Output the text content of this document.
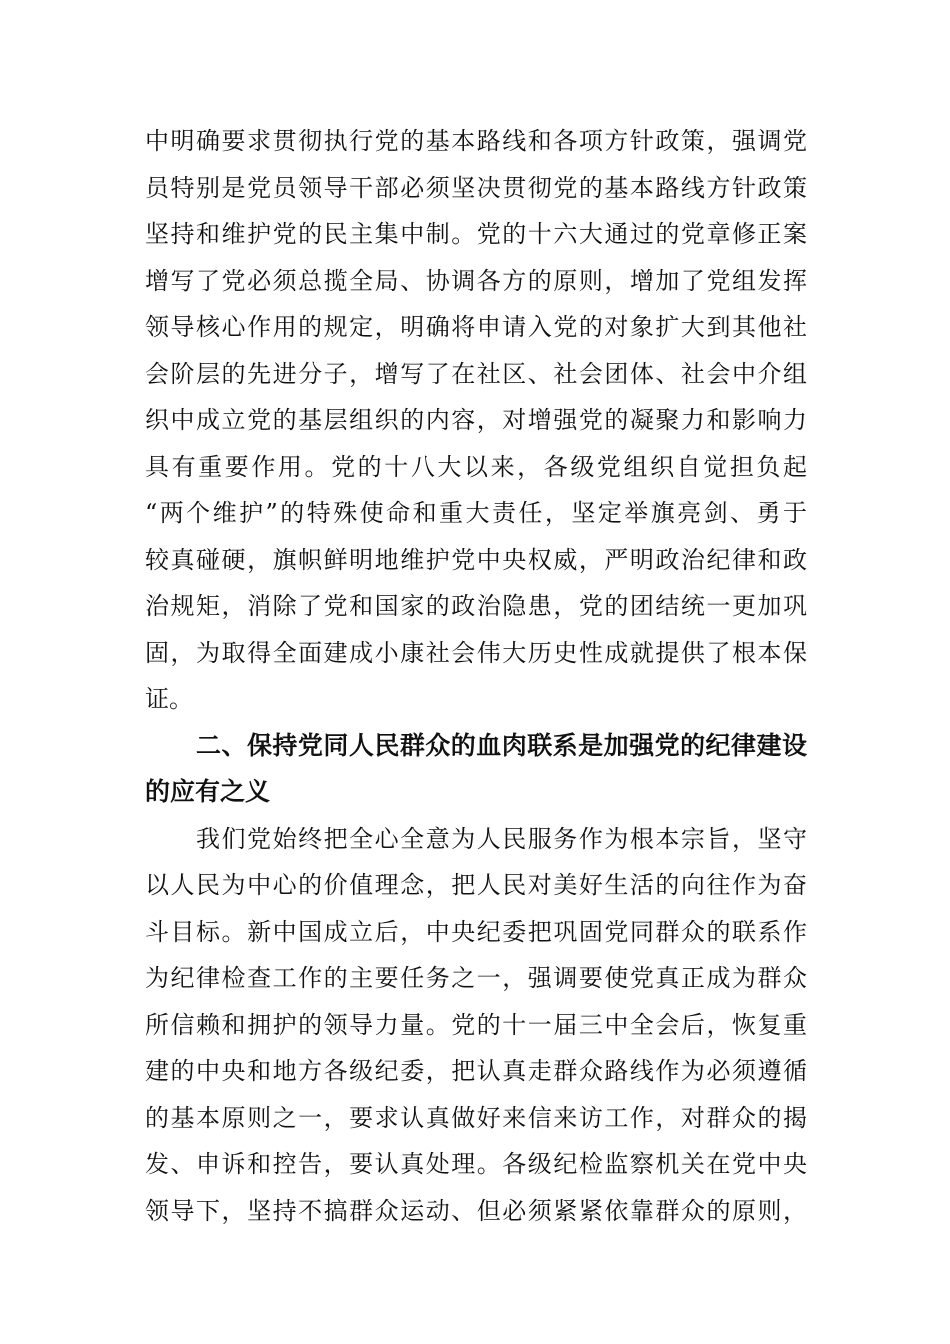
中明确要求贯彻执行党的基本路线和各项方针政策，强调党
员特别是党员领导干部必须坚决贯彻党的基本路线方针政策
坚持和维护党的民主集中制。党的十六大通过的党章修正案
增写了党必须总揽全局、协调各方的原则，增加了党组发挥
领导核心作用的规定，明确将申请入党的对象扩大到其他社
会阶层的先进分子，增写了在社区、社会团体、社会中介组
织中成立党的基层组织的内容，对增强党的凝聚力和影响力
具有重要作用。党的十八大以来，各级党组织自觉担负起
“两个维护”的特殊使命和重大责任，坚定举旗亮剑、勇于
较真碰硬，旗帜鲜明地维护党中央权威，严明政治纪律和政
治规矩，消除了党和国家的政治隐患，党的团结统一更加巩
固，为取得全面建成小康社会伟大历史性成就提供了根本保
证。
二、保持党同人民群众的血肉联系是加强党的纪律建设
的应有之义
我们党始终把全心全意为人民服务作为根本宗旨，坚守
以人民为中心的价值理念，把人民对美好生活的向往作为奋
斗目标。新中国成立后，中央纪委把巩固党同群众的联系作
为纪律检查工作的主要任务之一，强调要使党真正成为群众
所信赖和拥护的领导力量。党的十一届三中全会后，恢复重
建的中央和地方各级纪委，把认真走群众路线作为必须遵循
的基本原则之一，要求认真做好来信来访工作，对群众的揭
发、申诉和控告，要认真处理。各级纪检监察机关在党中央
领导下，坚持不搞群众运动、但必须紧紧依靠群众的原则，
